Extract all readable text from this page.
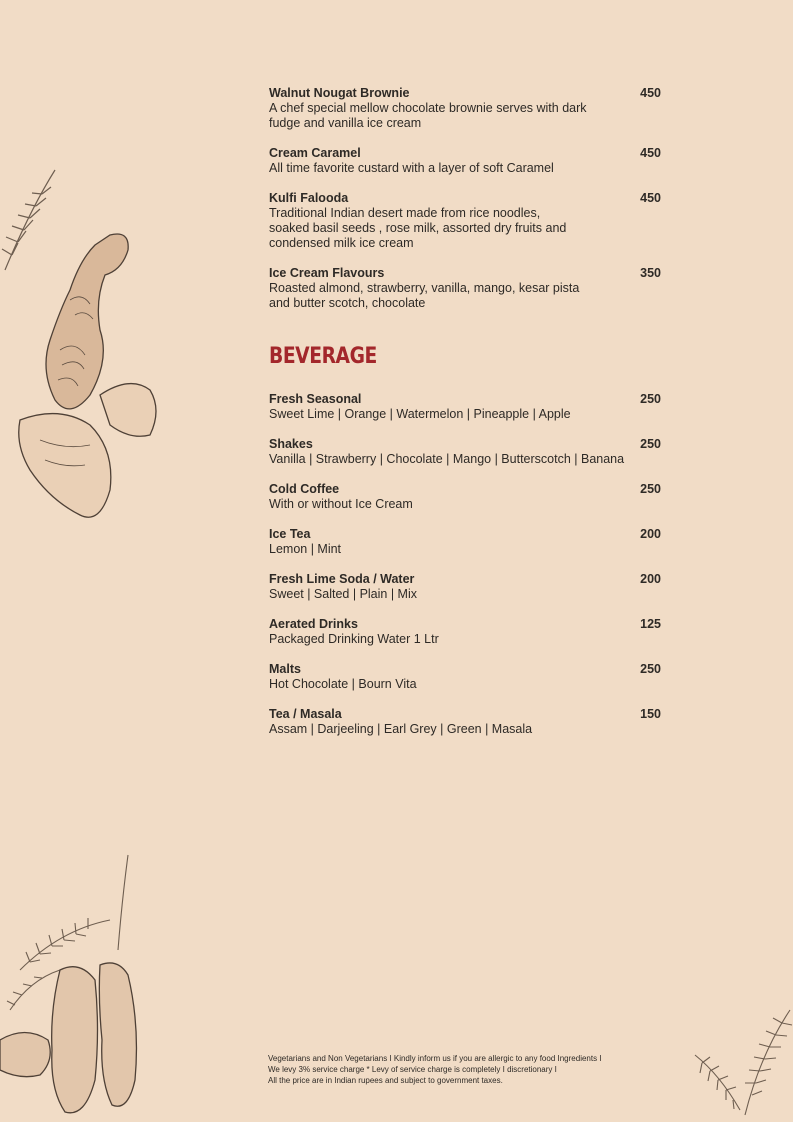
Walnut Nougat Brownie	450
A chef special mellow chocolate brownie serves with dark
fudge and vanilla ice cream
Cream Caramel	450
All time favorite custard with a layer of soft Caramel
Kulfi Falooda	450
Traditional Indian desert made from rice noodles,
soaked basil seeds , rose milk, assorted dry fruits and
condensed milk ice cream
Ice Cream Flavours	350
Roasted almond, strawberry, vanilla, mango, kesar pista
and butter scotch, chocolate
BEVERAGE
Fresh Seasonal	250
Sweet Lime | Orange | Watermelon | Pineapple | Apple
Shakes	250
Vanilla | Strawberry | Chocolate | Mango | Butterscotch | Banana
Cold Coffee	250
With or without Ice Cream
Ice Tea	200
Lemon | Mint
Fresh Lime Soda / Water	200
Sweet | Salted | Plain | Mix
Aerated Drinks	125
Packaged Drinking Water 1 Ltr
Malts	250
Hot Chocolate | Bourn Vita
Tea / Masala	150
Assam | Darjeeling | Earl Grey | Green | Masala
Vegetarians and Non Vegetarians I Kindly inform us if you are allergic to any food Ingredients I
We levy 3% service charge * Levy of service charge is completely I discretionary I
All the price are in Indian rupees and subject to government taxes.
